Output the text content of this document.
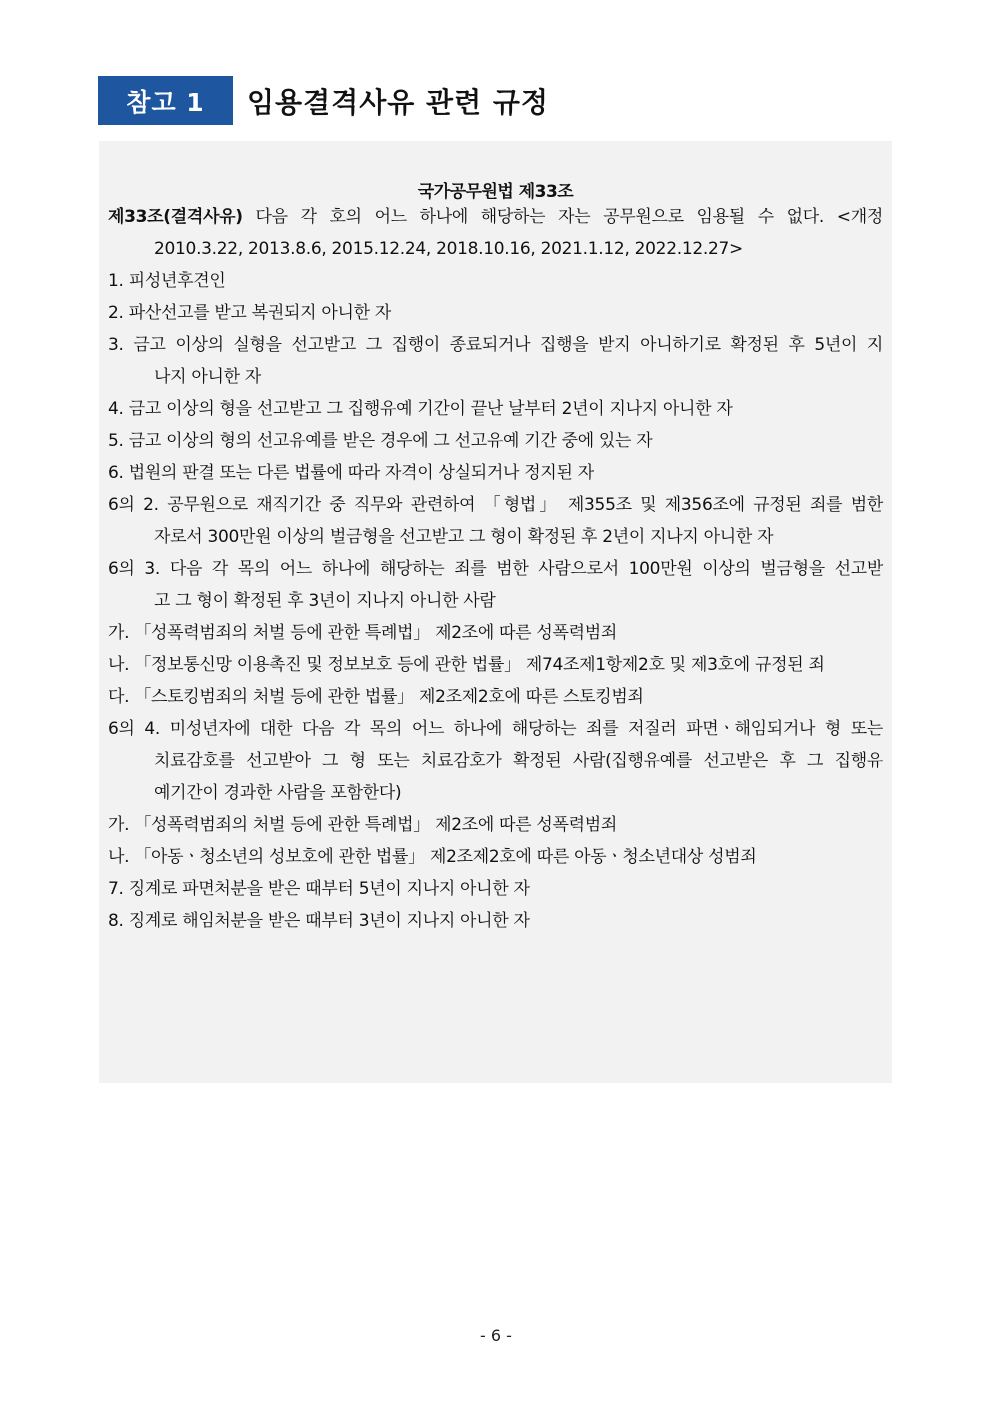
참고 1	임용결격사유 관련 규정
국가공무원법 제33조
제33조(결격사유) 다음 각 호의 어느 하나에 해당하는 자는 공무원으로 임용될 수 없다. <개정
2010.3.22, 2013.8.6, 2015.12.24, 2018.10.16, 2021.1.12, 2022.12.27>
1. 피성년후견인
2. 파산선고를 받고 복권되지 아니한 자
3. 금고 이상의 실형을 선고받고 그 집행이 종료되거나 집행을 받지 아니하기로 확정된 후 5년이 지
나지 아니한 자
4. 금고 이상의 형을 선고받고 그 집행유예 기간이 끝난 날부터 2년이 지나지 아니한 자
5. 금고 이상의 형의 선고유예를 받은 경우에 그 선고유예 기간 중에 있는 자
6. 법원의 판결 또는 다른 법률에 따라 자격이 상실되거나 정지된 자
6의 2. 공무원으로 재직기간 중 직무와 관련하여 「형법」 제355조 및 제356조에 규정된 죄를 범한
자로서 300만원 이상의 벌금형을 선고받고 그 형이 확정된 후 2년이 지나지 아니한 자
6의 3. 다음 각 목의 어느 하나에 해당하는 죄를 범한 사람으로서 100만원 이상의 벌금형을 선고받
고 그 형이 확정된 후 3년이 지나지 아니한 사람
가. 「성폭력범죄의 처벌 등에 관한 특례법」 제2조에 따른 성폭력범죄
나. 「정보통신망 이용촉진 및 정보보호 등에 관한 법률」 제74조제1항제2호 및 제3호에 규정된 죄
다. 「스토킹범죄의 처벌 등에 관한 법률」 제2조제2호에 따른 스토킹범죄
6의 4. 미성년자에 대한 다음 각 목의 어느 하나에 해당하는 죄를 저질러 파면ㆍ해임되거나 형 또는
치료감호를 선고받아 그 형 또는 치료감호가 확정된 사람(집행유예를 선고받은 후 그 집행유
예기간이 경과한 사람을 포함한다)
가. 「성폭력범죄의 처벌 등에 관한 특례법」 제2조에 따른 성폭력범죄
나. 「아동ㆍ청소년의 성보호에 관한 법률」 제2조제2호에 따른 아동ㆍ청소년대상 성범죄
7. 징계로 파면처분을 받은 때부터 5년이 지나지 아니한 자
8. 징계로 해임처분을 받은 때부터 3년이 지나지 아니한 자
- 6 -
